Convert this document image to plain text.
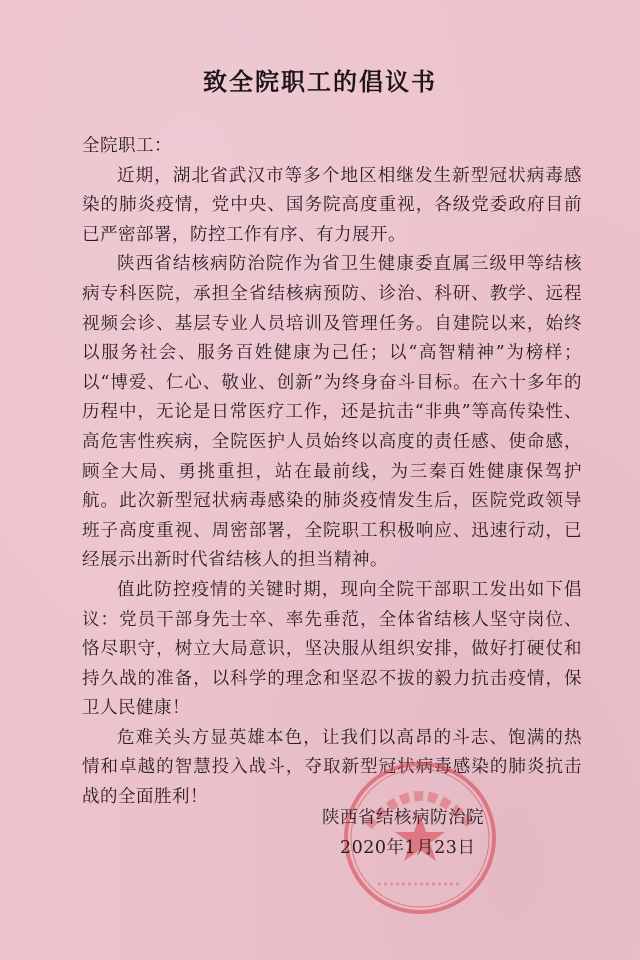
致全院职工的倡议书

全院职工：

近期，湖北省武汉市等多个地区相继发生新型冠状病毒感染的肺炎疫情，党中央、国务院高度重视，各级党委政府目前已严密部署，防控工作有序、有力展开。

陕西省结核病防治院作为省卫生健康委直属三级甲等结核病专科医院，承担全省结核病预防、诊治、科研、教学、远程视频会诊、基层专业人员培训及管理任务。自建院以来，始终以服务社会、服务百姓健康为己任；以“高智精神”为榜样；以“博爱、仁心、敬业、创新”为终身奋斗目标。在六十多年的历程中，无论是日常医疗工作，还是抗击“非典”等高传染性、高危害性疾病，全院医护人员始终以高度的责任感、使命感，顾全大局、勇挑重担，站在最前线，为三秦百姓健康保驾护航。此次新型冠状病毒感染的肺炎疫情发生后，医院党政领导班子高度重视、周密部署，全院职工积极响应、迅速行动，已经展示出新时代省结核人的担当精神。

值此防控疫情的关键时期，现向全院干部职工发出如下倡议：党员干部身先士卒、率先垂范，全体省结核人坚守岗位、恪尽职守，树立大局意识，坚决服从组织安排，做好打硬仗和持久战的准备，以科学的理念和坚忍不拔的毅力抗击疫情，保卫人民健康！

危难关头方显英雄本色，让我们以高昂的斗志、饱满的热情和卓越的智慧投入战斗，夺取新型冠状病毒感染的肺炎抗击战的全面胜利！

陕西省结核病防治院
2020年1月23日
